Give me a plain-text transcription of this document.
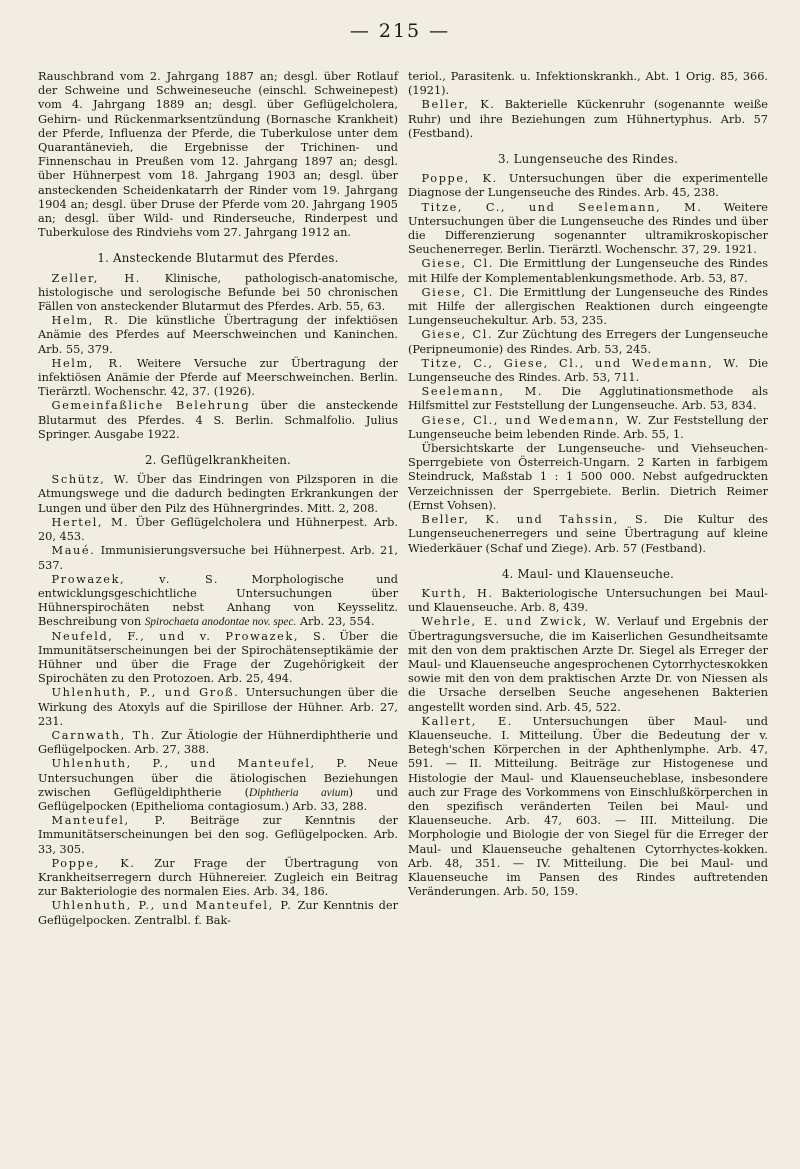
— 215 —

Rauschbrand vom 2. Jahrgang 1887 an; desgl. über Rotlauf der Schweine und Schweineseuche (einschl. Schweinepest) vom 4. Jahrgang 1889 an; desgl. über Geflügelcholera, Gehirn- und Rückenmarksentzündung (Bornasche Krankheit) der Pferde, Influenza der Pferde, die Tuberkulose unter dem Quarantänevieh, die Ergebnisse der Trichinen- und Finnenschau in Preußen vom 12. Jahrgang 1897 an; desgl. über Hühnerpest vom 18. Jahrgang 1903 an; desgl. über ansteckenden Scheidenkatarrh der Rinder vom 19. Jahrgang 1904 an; desgl. über Druse der Pferde vom 20. Jahrgang 1905 an; desgl. über Wild- und Rinderseuche, Rinderpest und Tuberkulose des Rindviehs vom 27. Jahrgang 1912 an.

1. Ansteckende Blutarmut des Pferdes.

Zeller, H. Klinische, pathologisch-anatomische, histologische und serologische Befunde bei 50 chronischen Fällen von ansteckender Blutarmut des Pferdes. Arb. 55, 63.

Helm, R. Die künstliche Übertragung der infektiösen Anämie des Pferdes auf Meerschweinchen und Kaninchen. Arb. 55, 379.

Helm, R. Weitere Versuche zur Übertragung der infektiösen Anämie der Pferde auf Meerschweinchen. Berlin. Tierärztl. Wochenschr. 42, 37. (1926).

Gemeinfaßliche Belehrung über die ansteckende Blutarmut des Pferdes. 4 S. Berlin. Schmalfolio. Julius Springer. Ausgabe 1922.

2. Geflügelkrankheiten.

Schütz, W. Über das Eindringen von Pilzsporen in die Atmungswege und die dadurch bedingten Erkrankungen der Lungen und über den Pilz des Hühnergrindes. Mitt. 2, 208.

Hertel, M. Über Geflügelcholera und Hühnerpest. Arb. 20, 453.

Maué. Immunisierungsversuche bei Hühnerpest. Arb. 21, 537.

Prowazek, v. S. Morphologische und entwicklungsgeschichtliche Untersuchungen über Hühnerspirochäten nebst Anhang von Keysselitz. Beschreibung von Spirochaeta anodontae nov. spec. Arb. 23, 554.

Neufeld, F., und v. Prowazek, S. Über die Immunitätserscheinungen bei der Spirochätenseptikämie der Hühner und über die Frage der Zugehörigkeit der Spirochäten zu den Protozoen. Arb. 25, 494.

Uhlenhuth, P., und Groß. Untersuchungen über die Wirkung des Atoxyls auf die Spirillose der Hühner. Arb. 27, 231.

Carnwath, Th. Zur Ätiologie der Hühnerdiphtherie und Geflügelpocken. Arb. 27, 388.

Uhlenhuth, P., und Manteufel, P. Neue Untersuchungen über die ätiologischen Beziehungen zwischen Geflügeldiphtherie (Diphtheria avium) und Geflügelpocken (Epithelioma contagiosum.) Arb. 33, 288.

Manteufel, P. Beiträge zur Kenntnis der Immunitätserscheinungen bei den sog. Geflügelpocken. Arb. 33, 305.

Poppe, K. Zur Frage der Übertragung von Krankheitserregern durch Hühnereier. Zugleich ein Beitrag zur Bakteriologie des normalen Eies. Arb. 34, 186.

Uhlenhuth, P., und Manteufel, P. Zur Kenntnis der Geflügelpocken. Zentralbl. f. Bak-

teriol., Parasitenk. u. Infektionskrankh., Abt. 1 Orig. 85, 366. (1921).

Beller, K. Bakterielle Kückenruhr (sogenannte weiße Ruhr) und ihre Beziehungen zum Hühnertyphus. Arb. 57 (Festband).

3. Lungenseuche des Rindes.

Poppe, K. Untersuchungen über die experimentelle Diagnose der Lungenseuche des Rindes. Arb. 45, 238.

Titze, C., und Seelemann, M. Weitere Untersuchungen über die Lungenseuche des Rindes und über die Differenzierung sogenannter ultramikroskopischer Seuchenerreger. Berlin. Tierärztl. Wochenschr. 37, 29. 1921.

Giese, Cl. Die Ermittlung der Lungenseuche des Rindes mit Hilfe der Komplementablenkungsmethode. Arb. 53, 87.

Giese, Cl. Die Ermittlung der Lungenseuche des Rindes mit Hilfe der allergischen Reaktionen durch eingeengte Lungenseuchekultur. Arb. 53, 235.

Giese, Cl. Zur Züchtung des Erregers der Lungenseuche (Peripneumonie) des Rindes. Arb. 53, 245.

Titze, C., Giese, Cl., und Wedemann, W. Die Lungenseuche des Rindes. Arb. 53, 711.

Seelemann, M. Die Agglutinationsmethode als Hilfsmittel zur Feststellung der Lungenseuche. Arb. 53, 834.

Giese, Cl., und Wedemann, W. Zur Feststellung der Lungenseuche beim lebenden Rinde. Arb. 55, 1.

Übersichtskarte der Lungenseuche- und Viehseuchen-Sperrgebiete von Österreich-Ungarn. 2 Karten in farbigem Steindruck, Maßstab 1 : 1 500 000. Nebst aufgedruckten Verzeichnissen der Sperrgebiete. Berlin. Dietrich Reimer (Ernst Vohsen).

Beller, K. und Tahssin, S. Die Kultur des Lungenseuchenerregers und seine Übertragung auf kleine Wiederkäuer (Schaf und Ziege). Arb. 57 (Festband).

4. Maul- und Klauenseuche.

Kurth, H. Bakteriologische Untersuchungen bei Maul- und Klauenseuche. Arb. 8, 439.

Wehrle, E. und Zwick, W. Verlauf und Ergebnis der Übertragungsversuche, die im Kaiserlichen Gesundheitsamte mit den von dem praktischen Arzte Dr. Siegel als Erreger der Maul- und Klauenseuche angesprochenen Cytorrhyctesкokken sowie mit den von dem praktischen Arzte Dr. von Niessen als die Ursache derselben Seuche angesehenen Bakterien angestellt worden sind. Arb. 45, 522.

Kallert, E. Untersuchungen über Maul- und Klauenseuche. I. Mitteilung. Über die Bedeutung der v. Betegh'schen Körperchen in der Aphthenlymphe. Arb. 47, 591. — II. Mitteilung. Beiträge zur Histogenese und Histologie der Maul- und Klauenseucheblase, insbesondere auch zur Frage des Vorkommens von Einschlußkörperchen in den spezifisch veränderten Teilen bei Maul- und Klauenseuche. Arb. 47, 603. — III. Mitteilung. Die Morphologie und Biologie der von Siegel für die Erreger der Maul- und Klauenseuche gehaltenen Cytorrhyctes-kokken. Arb. 48, 351. — IV. Mitteilung. Die bei Maul- und Klauenseuche im Pansen des Rindes auftretenden Veränderungen. Arb. 50, 159.
